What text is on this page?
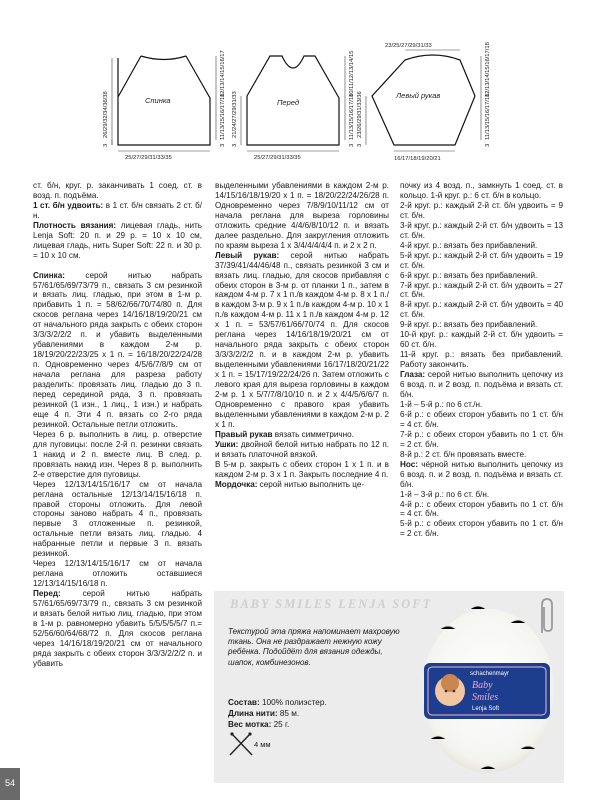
Спинка	Перед
Левый рукав
26/29/32/34/36/38
3
12/13/14/15/16/17
11/13/15/16/17/18
3
25/27/29/31/33/35
21/24/27/29/31/33
3
10/11/12/13/14/15
11/13/15/16/17/18
3
25/27/29/31/33/35
23/25/27/29/31/33
23/26/29/31/33/36
3
12/13/14/15/16/17/18
11/13/15/16/17/18
3
16/17/18/19/20/21

ст. б/н, круг. р. заканчивать 1 соед. ст. в возд. п. подъёма.

1 ст. б/н удвоить: в 1 ст. б/н связать 2 ст. б/н.

Плотность вязания: лицевая гладь, нить Lenja Soft: 20 п. и 29 р. = 10 х 10 см, лицевая гладь, нить Super Soft: 22 п. и 30 р. = 10 х 10 см.

Спинка: серой нитью набрать 57/61/65/69/73/79 п., связать 3 см резинкой и вязать лиц. гладью, при этом в 1-м р. прибавить 1 п. = 58/62/66/70/74/80 п. Для скосов реглана через 14/16/18/19/20/21 см от начального ряда закрыть с обеих сторон 3/3/3/2/2/2 п. и убавить выделенными убавлениями в каждом 2-м р. 18/19/20/22/23/25 х 1 п. = 16/18/20/22/24/28 п. Одновременно через 4/5/6/7/8/9 см от начала реглана для разреза работу разделить: провязать лиц. гладью до 3 п. перед серединой ряда, 3 п. провязать резинкой (1 изн., 1 лиц., 1 изн.) и набрать еще 4 п. Эти 4 п. вязать со 2-го ряда резинкой. Остальные петли отложить.

Через 6 р. выполнить в лиц. р. отверстие для пуговицы: после 2-й п. резинки связать 1 накид и 2 п. вместе лиц. В след. р. провязать накид изн. Через 8 р. выполнить 2-е отверстие для пуговицы.

Через 12/13/14/15/16/17 см от начала реглана остальные 12/13/14/15/16/18 п. правой стороны отложить. Для левой стороны заново набрать 4 п., провязать первые 3 отложенные п. резинкой, остальные петли вязать лиц. гладью. 4 набранные петли и первые 3 п. вязать резинкой.

Через 12/13/14/15/16/17 см от начала реглана отложить оставшиеся 12/13/14/15/16/18 п.

Перед: серой нитью набрать 57/61/65/69/73/79 п., связать 3 см резинкой и вязать белой нитью лиц. гладью, при этом в 1-м р. равномерно убавить 5/5/5/5/5/7 п.= 52/56/60/64/68/72 п. Для скосов реглана через 14/16/18/19/20/21 см от начального ряда закрыть с обеих сторон 3/3/3/2/2/2 п. и убавить

выделенными убавлениями в каждом 2-м р. 14/15/16/18/19/20 х 1 п. = 18/20/22/24/26/28 п. Одновременно через 7/8/9/10/11/12 см от начала реглана для выреза горловины отложить средние 4/4/6/8/10/12 п. и вязать далее раздельно. Для закругления отложить по краям выреза 1 х 3/4/4/4/4/4 п. и 2 х 2 п.

Левый рукав: серой нитью набрать 37/39/41/44/46/48 п., связать резинкой 3 см и вязать лиц. гладью, для скосов прибавляя с обеих сторон в 3-м р. от планки 1 п., затем в каждом 4-м р. 7 х 1 п./в каждом 4-м р. 8 х 1 п./в каждом 3-м р. 9 х 1 п./в каждом 4-м р. 10 х 1 п./в каждом 4-м р. 11 х 1 п./в каждом 4-м р. 12 х 1 п. = 53/57/61/66/70/74 п. Для скосов реглана через 14/16/18/19/20/21 см от начального ряда закрыть с обеих сторон 3/3/3/2/2/2 п. и в каждом 2-м р. убавить выделенными убавлениями 16/17/18/20/21/22 х 1 п. = 15/17/19/22/24/26 п. Затем отложить с левого края для выреза горловины в каждом 2-м р. 1 х 5/7/7/8/10/10 п. и 2 х 4/4/5/6/6/7 п. Одновременно с правого края убавить выделенными убавлениями в каждом 2-м р. 2 х 1 п.

Правый рукав вязать симметрично.

Ушки: двойной белой нитью набрать по 12 п. и вязать платочной вязкой.

В 5-м р. закрыть с обеих сторон 1 х 1 п. и в каждом 2-м р. 3 х 1 п. Закрыть последние 4 п.

Мордочка: серой нитью выполнить це-

почку из 4 возд. п., замкнуть 1 соед. ст. в кольцо. 1-й круг. р.: 6 ст. б/н в кольцо.

2-й круг. р.: каждый 2-й ст. б/н удвоить = 9 ст. б/н.

3-й круг. р.: каждый 2-й ст. б/н удвоить = 13 ст. б/н.

4-й круг. р.: вязать без прибавлений.

5-й круг. р.: каждый 2-й ст. б/н удвоить = 19 ст. б/н.

6-й круг. р.: вязать без прибавлений.

7-й круг. р.: каждый 2-й ст. б/н удвоить = 27 ст. б/н.

8-й круг. р.: каждый 2-й ст. б/н удвоить = 40 ст. б/н.

9-й круг. р.: вязать без прибавлений.

10-й круг. р.: каждый 2-й ст. б/н удвоить = 60 ст. б/н.

11-й круг. р.: вязать без прибавлений. Работу закончить.

Глаза: серой нитью выполнить цепочку из 6 возд. п. и 2 возд. п. подъёма и вязать ст. б/н.

1-й – 5-й р.: по 6 ст./н.

6-й р.: с обеих сторон убавить по 1 ст. б/н = 4 ст. б/н.

7-й р.: с обеих сторон убавить по 1 ст. б/н = 2 ст. б/н.

8-й р.: 2 ст. б/н провязать вместе.

Нос: чёрной нитью выполнить цепочку из 6 возд. п. и 2 возд. п. подъёма и вязать ст. б/н.

1-й – 3-й р.: по 6 ст. б/н.

4-й р.: с обеих сторон убавить по 1 ст. б/н = 4 ст. б/н.

5-й р.: с обеих сторон убавить по 1 ст. б/н = 2 ст. б/н.

BABY SMILES LENJA SOFT
Текстурой эта пряжа напоминает махровую ткань. Она не раздражает нежную кожу ребёнка. Подойдёт для вязания одежды, шапок, комбинезонов.
Состав: 100% полиэстер.
Длина нити: 85 м.
Вес мотка: 25 г.
4 мм
schachenmayr
Baby
Smiles
Lenja Soft
54
